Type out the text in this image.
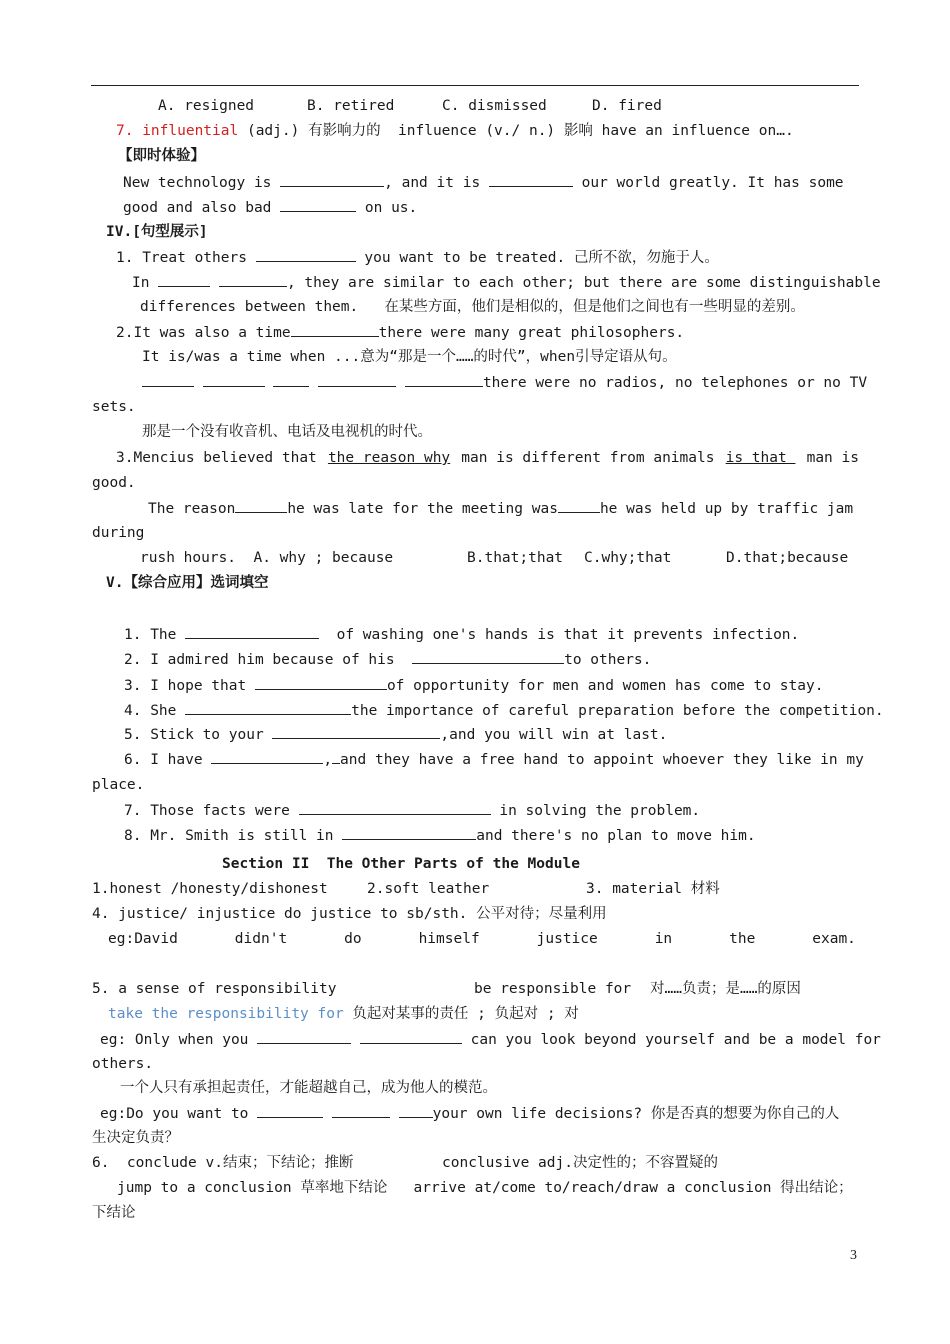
A. resigned	B. retired	C. dismissed	D. fired
7. influential (adj.) 有影响力的  influence (v./ n.) 影响 have an influence on….
【即时体验】
New technology is	, and it is	our world greatly. It has some
good and also bad	on us.
IV.[句型展示]
1. Treat others	you want to be treated. 己所不欲，勿施于人。
In	, they are similar to each other; but there are some distinguishable
differences between them.   在某些方面，他们是相似的，但是他们之间也有一些明显的差别。
2.It was also a time	there were many great philosophers.
It is/was a time when ...意为“那是一个……的时代”，when引导定语从句。
there were no radios, no telephones or no TV
sets.
那是一个没有收音机、电话及电视机的时代。
3.Mencius believed that the reason why man is different from animals is that man is
good.
The reason	he was late for the meeting was	he was held up by traffic jam
during
rush hours.  A. why ; because	B.that;that C.why;that	D.that;because
V.【综合应用】选词填空
1. The	of washing one's hands is that it prevents infection.
2. I admired him because of his	to others.
3. I hope that	of opportunity for men and women has come to stay.
4. She	the importance of careful preparation before the competition.
5. Stick to your	,and you will win at last.
6. I have	, and they have a free hand to appoint whoever they like in my
place.
7. Those facts were	in solving the problem.
8. Mr. Smith is still in	and there's no plan to move him.
Section II  The Other Parts of the Module
1.honest /honesty/dishonest	2.soft leather	3. material 材料
4. justice/ injustice do justice to sb/sth. 公平对待；尽量利用
eg:David	didn't	do	himself	justice	in	the	exam.
5. a sense of responsibility	be responsible for 对……负责；是……的原因
take the responsibility for 负起对某事的责任 ; 负起对 ; 对
eg: Only when you	can you look beyond yourself and be a model for
others.
一个人只有承担起责任，才能超越自己，成为他人的模范。
eg:Do you want to	your own life decisions? 你是否真的想要为你自己的人
生决定负责？
6.  conclude v.结束；下结论；推断	conclusive adj.决定性的；不容置疑的
jump to a conclusion 草率地下结论   arrive at/come to/reach/draw a conclusion 得出结论；
下结论
3
